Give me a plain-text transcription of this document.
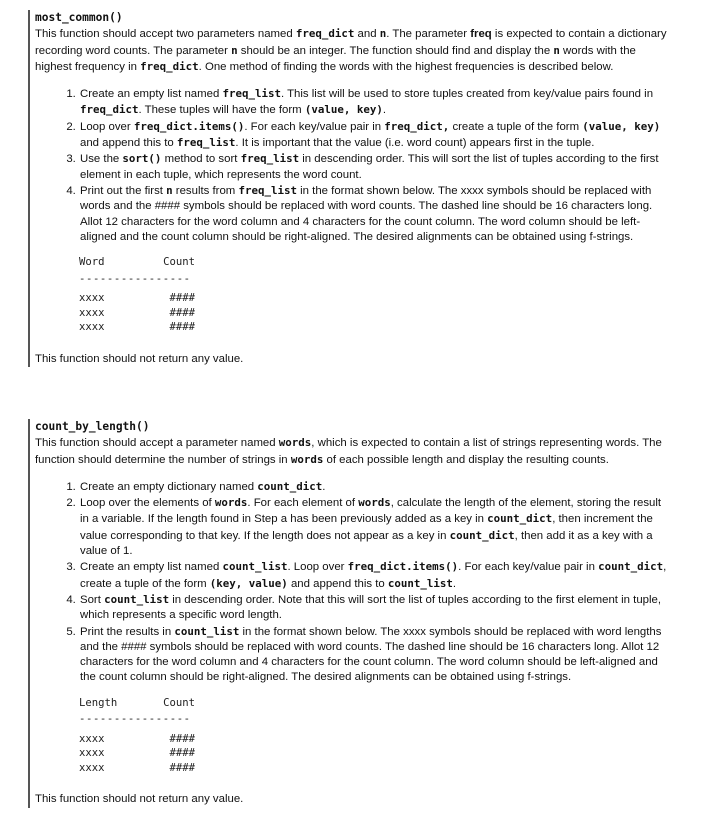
most_common()

This function should accept two parameters named freq_dict and n. The parameter freq is expected to contain a dictionary recording word counts. The parameter n should be an integer. The function should find and display the n words with the highest frequency in freq_dict. One method of finding the words with the highest frequencies is described below.

1. Create an empty list named freq_list. This list will be used to store tuples created from key/value pairs found in freq_dict. These tuples will have the form (value, key).
2. Loop over freq_dict.items(). For each key/value pair in freq_dict, create a tuple of the form (value, key) and append this to freq_list. It is important that the value (i.e. word count) appears first in the tuple.
3. Use the sort() method to sort freq_list in descending order. This will sort the list of tuples according to the first element in each tuple, which represents the word count.
4. Print out the first n results from freq_list in the format shown below. The xxxx symbols should be replaced with words and the #### symbols should be replaced with word counts. The dashed line should be 16 characters long. Allot 12 characters for the word column and 4 characters for the count column. The word column should be left-aligned and the count column should be right-aligned. The desired alignments can be obtained using f-strings.
Word	Count
----------------
xxxx	####
xxxx	####
xxxx	####

This function should not return any value.

count_by_length()

This function should accept a parameter named words, which is expected to contain a list of strings representing words. The function should determine the number of strings in words of each possible length and display the resulting counts.

1. Create an empty dictionary named count_dict.
2. Loop over the elements of words. For each element of words, calculate the length of the element, storing the result in a variable. If the length found in Step a has been previously added as a key in count_dict, then increment the value corresponding to that key. If the length does not appear as a key in count_dict, then add it as a key with a value of 1.
3. Create an empty list named count_list. Loop over freq_dict.items(). For each key/value pair in count_dict, create a tuple of the form (key, value) and append this to count_list.
4. Sort count_list in descending order. Note that this will sort the list of tuples according to the first element in tuple, which represents a specific word length.
5. Print the results in count_list in the format shown below. The xxxx symbols should be replaced with word lengths and the #### symbols should be replaced with word counts. The dashed line should be 16 characters long. Allot 12 characters for the word column and 4 characters for the count column. The word column should be left-aligned and the count column should be right-aligned. The desired alignments can be obtained using f-strings.
Length	Count
----------------
xxxx	####
xxxx	####
xxxx	####

This function should not return any value.
